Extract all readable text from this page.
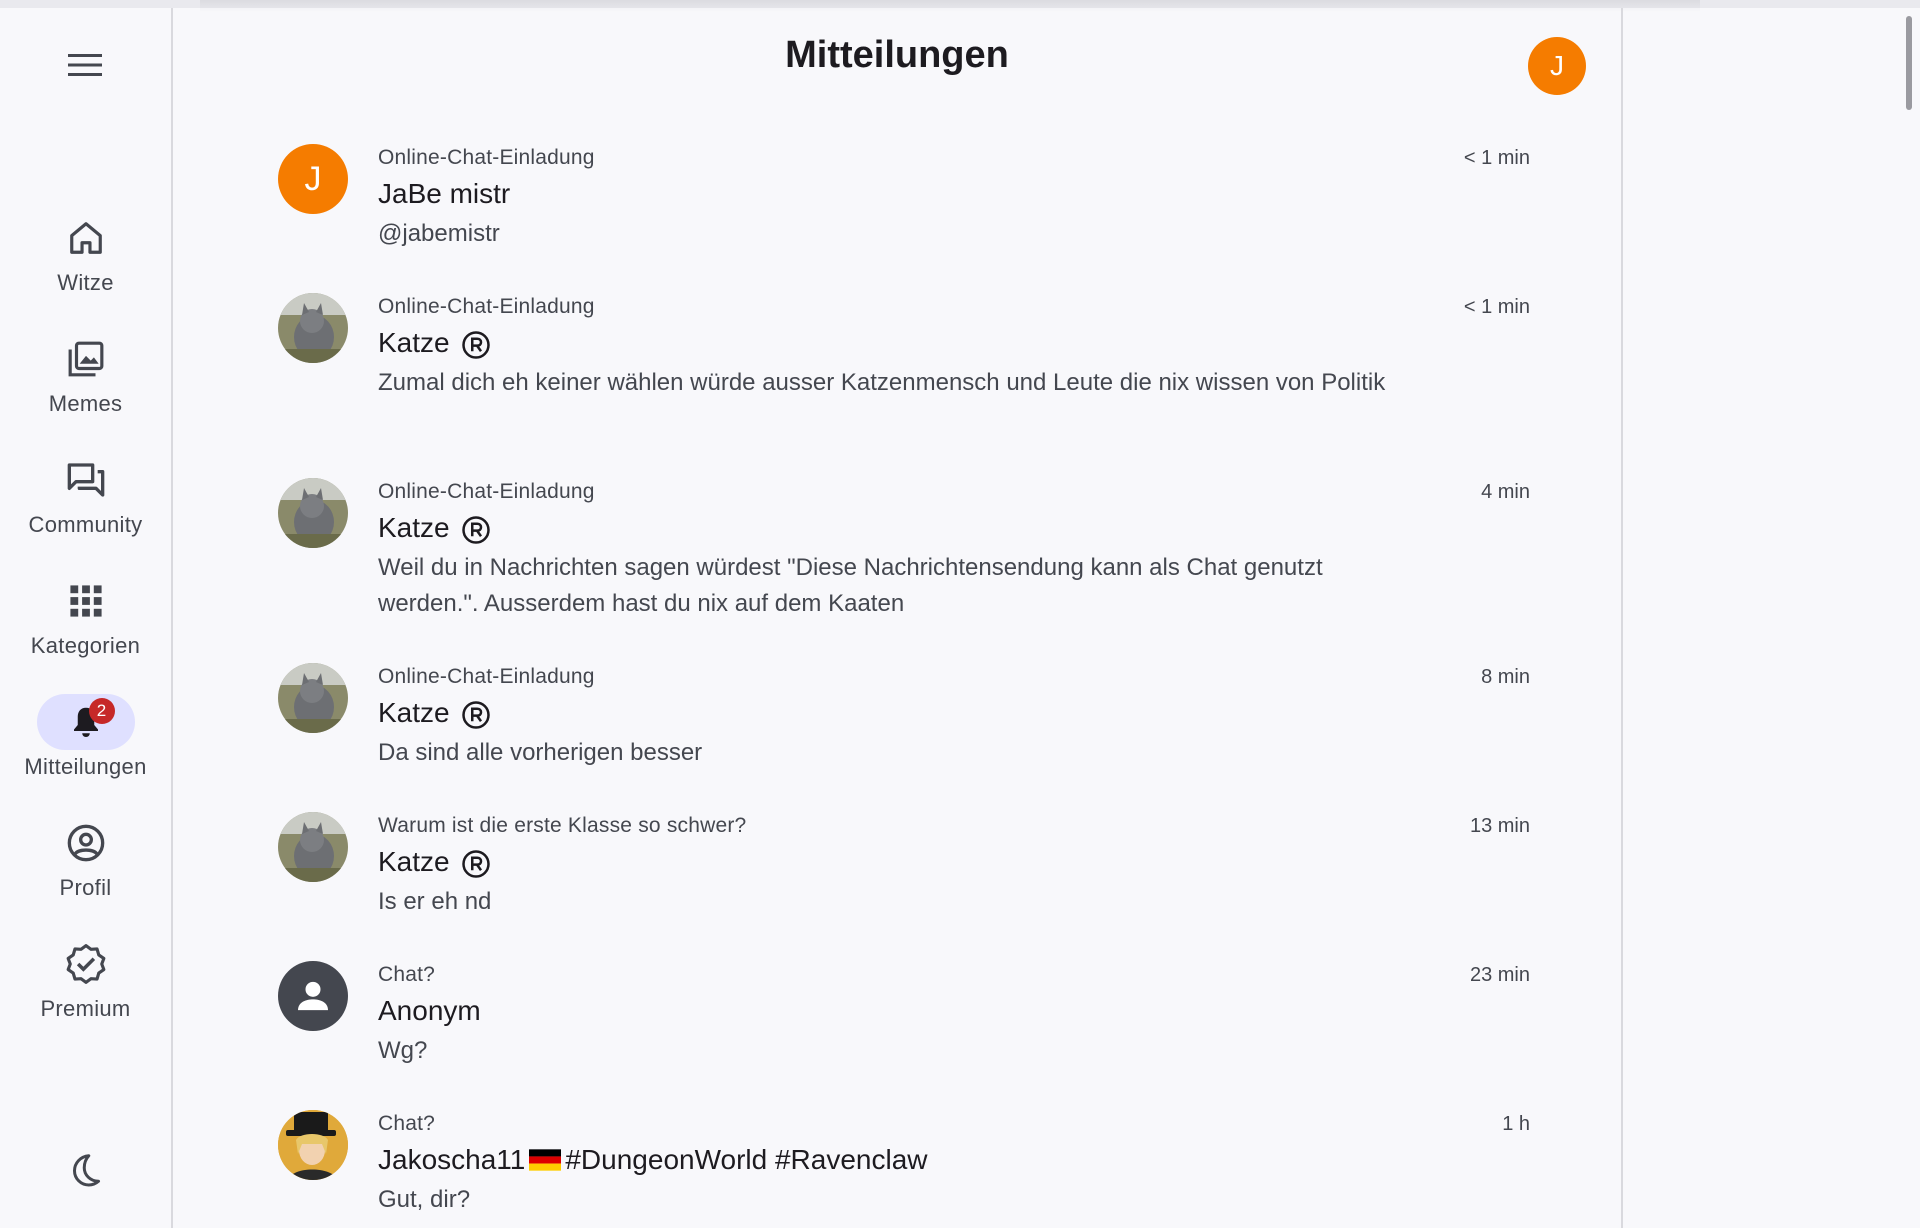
Witze
Memes
Community
Kategorien
2
Mitteilungen
Profil
Premium
Mitteilungen	J
J
Online-Chat-Einladung
JaBe mistr
@jabemistr
< 1 min
Online-Chat-Einladung
Katze
Zumal dich eh keiner wählen würde ausser Katzenmensch und Leute die nix wissen von Politik
< 1 min
Online-Chat-Einladung
Katze
Weil du in Nachrichten sagen würdest "Diese Nachrichtensendung kann als Chat genutzt werden.". Ausserdem hast du nix auf dem Kaaten
4 min
Online-Chat-Einladung
Katze
Da sind alle vorherigen besser
8 min
Warum ist die erste Klasse so schwer?
Katze
Is er eh nd
13 min
Chat?
Anonym
Wg?
23 min
Chat?
Jakoscha11 #DungeonWorld #Ravenclaw
Gut, dir?
1 h
